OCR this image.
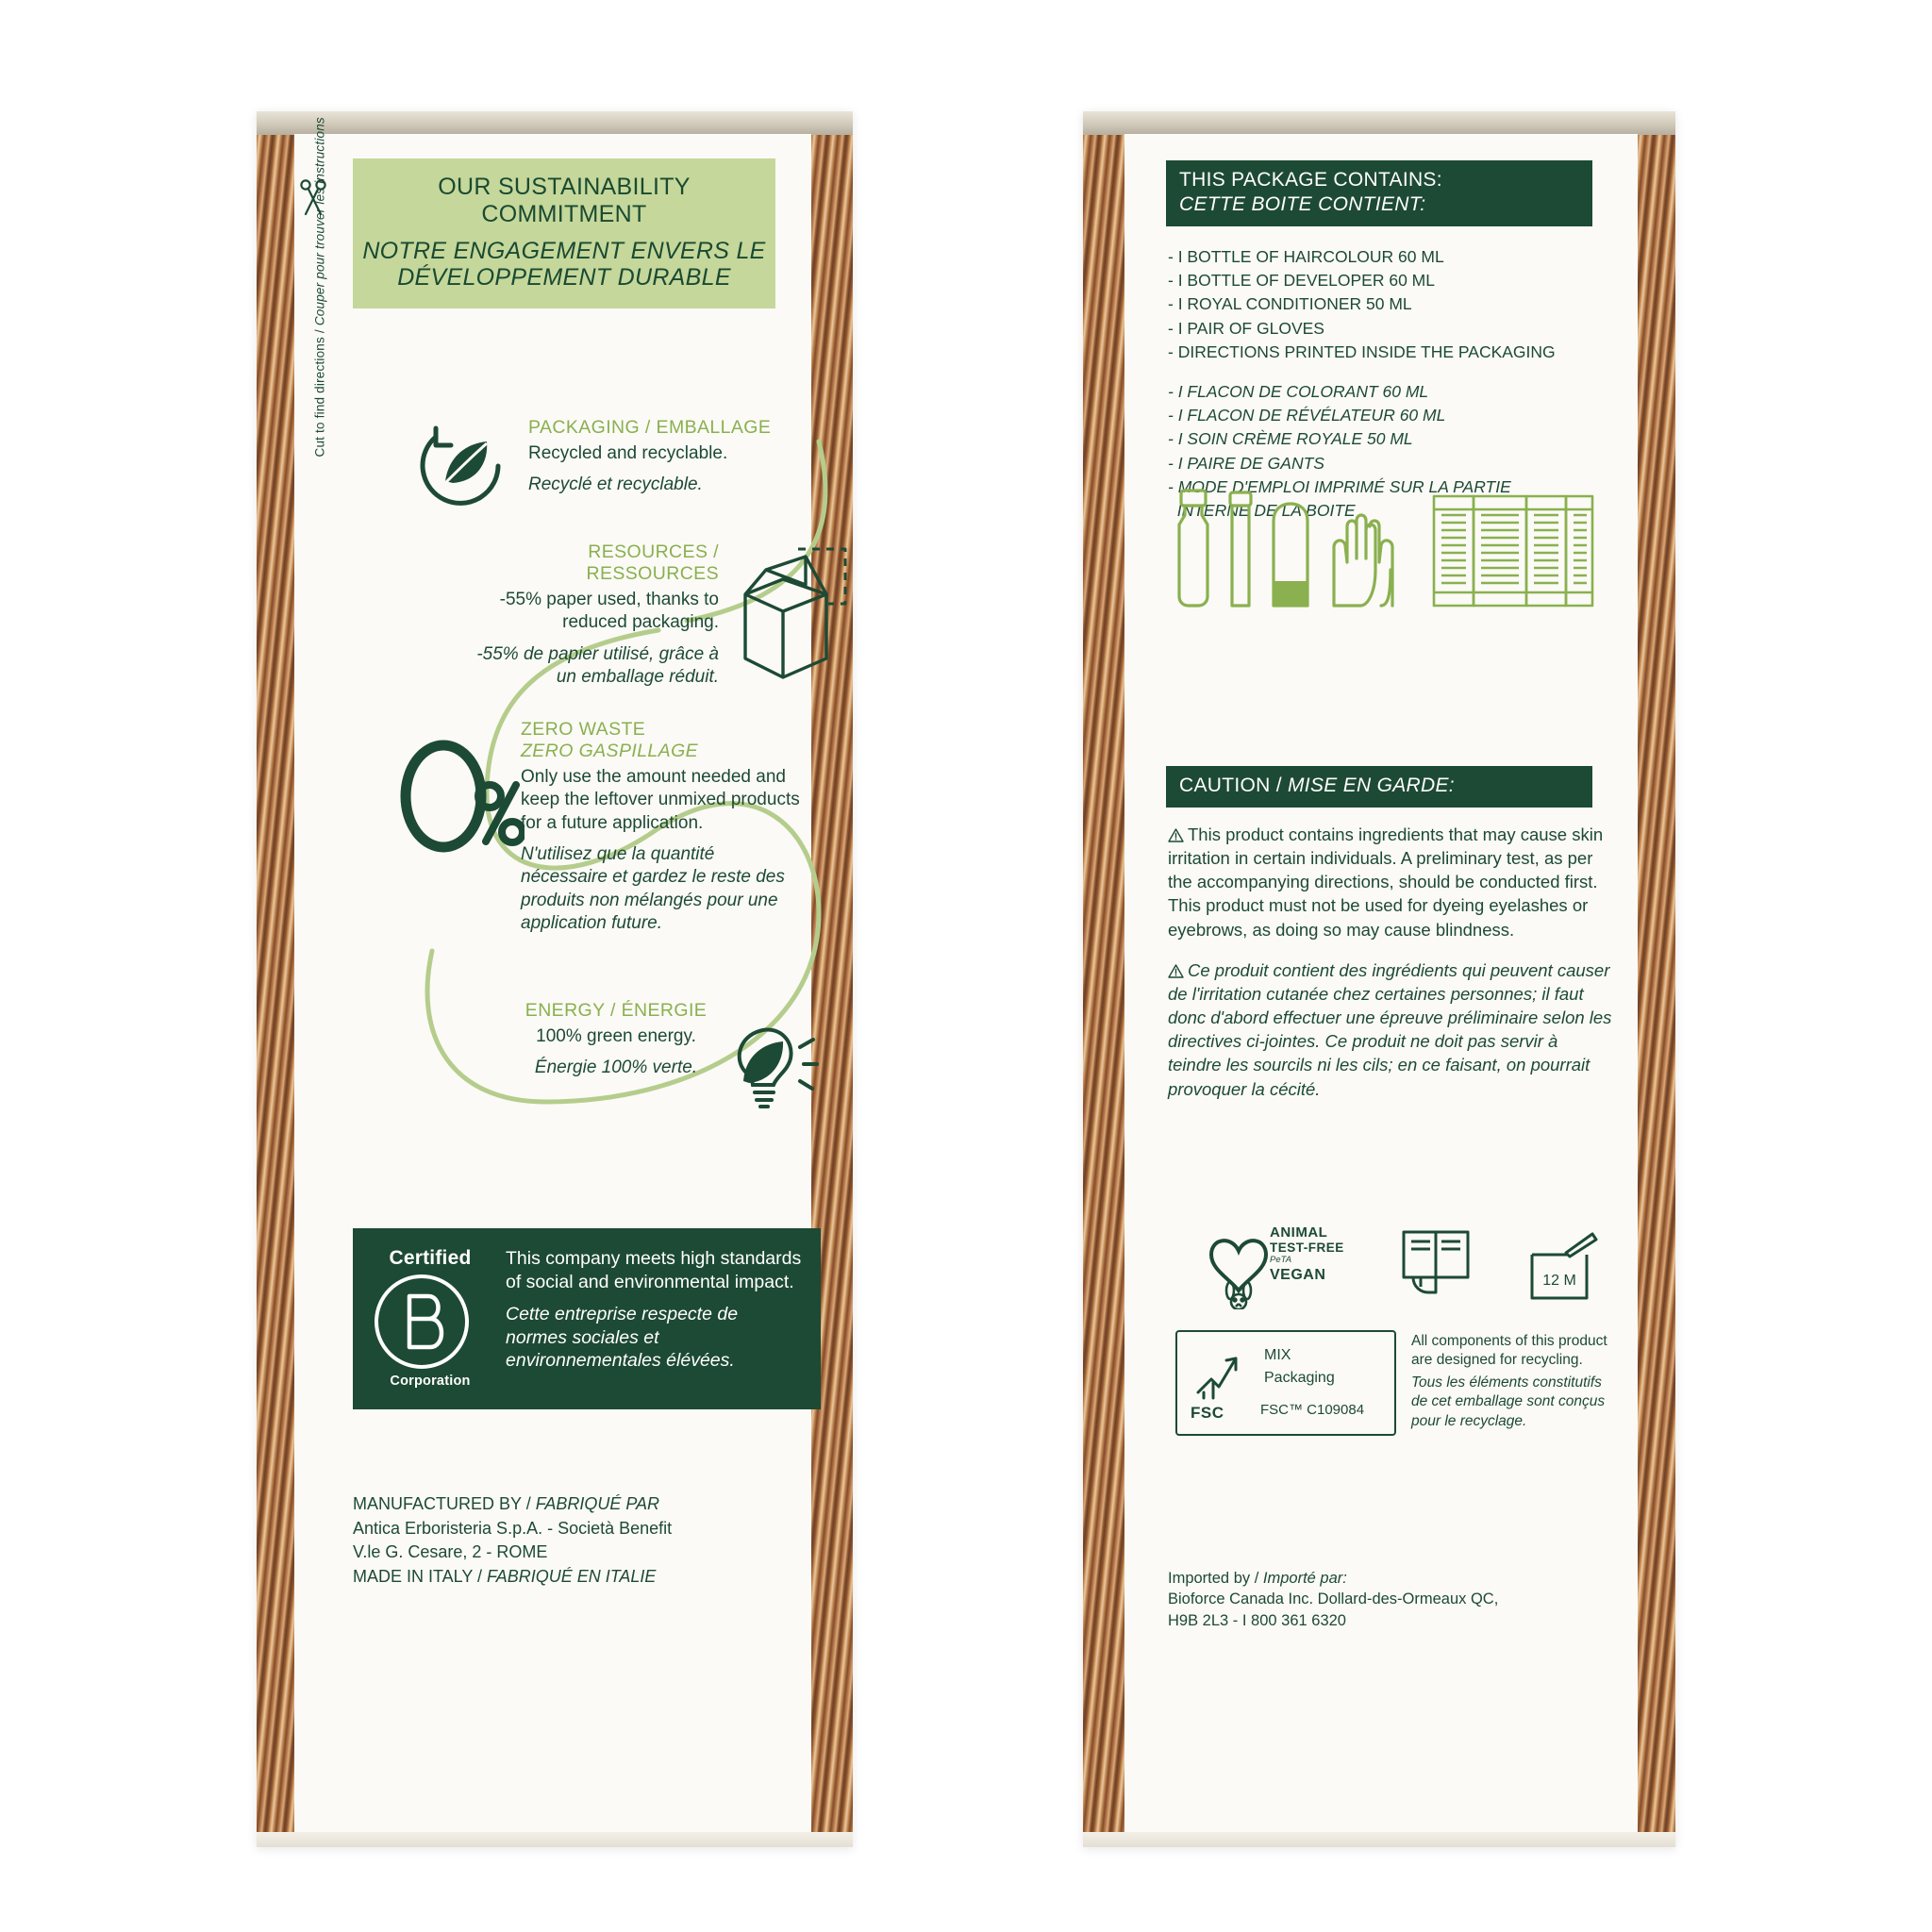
Cut to find directions / Couper pour trouver les instructions	OUR SUSTAINABILITY COMMITMENT
NOTRE ENGAGEMENT ENVERS LE DÉVELOPPEMENT DURABLE
PACKAGING / EMBALLAGE

Recycled and recyclable.

Recyclé et recyclable.

RESOURCES / RESSOURCES

-55% paper used, thanks to reduced packaging.

-55% de papier utilisé, grâce à un emballage réduit.

ZERO WASTE
ZERO GASPILLAGE

Only use the amount needed and keep the leftover unmixed products for a future application.

N'utilisez que la quantité nécessaire et gardez le reste des produits non mélangés pour une application future.

ENERGY / ÉNERGIE

100% green energy.

Énergie 100% verte.

Certified
Corporation
This company meets high standards of social and environmental impact.
Cette entreprise respecte de normes sociales et environnementales élévées.
MANUFACTURED BY / FABRIQUÉ PAR
Antica Erboristeria S.p.A. - Società Benefit
V.le G. Cesare, 2 - ROME
MADE IN ITALY / FABRIQUÉ EN ITALIE
THIS PACKAGE CONTAINS:
CETTE BOITE CONTIENT:
- I BOTTLE OF HAIRCOLOUR 60 ML
- I BOTTLE OF DEVELOPER 60 ML
- I ROYAL CONDITIONER 50 ML
- I PAIR OF GLOVES
- DIRECTIONS PRINTED INSIDE THE PACKAGING
- I FLACON DE COLORANT 60 ML
- I FLACON DE RÉVÉLATEUR 60 ML
- I SOIN CRÈME ROYALE 50 ML
- I PAIRE DE GANTS
- MODE D'EMPLOI IMPRIMÉ SUR LA PARTIE
INTERNE DE LA BOITE
CAUTION / MISE EN GARDE:

This product contains ingredients that may cause skin irritation in certain individuals. A preliminary test, as per the accompanying directions, should be conducted first. This product must not be used for dyeing eyelashes or eyebrows, as doing so may cause blindness.

Ce produit contient des ingrédients qui peuvent causer de l'irritation cutanée chez certaines personnes; il faut donc d'abord effectuer une épreuve préliminaire selon les directives ci-jointes. Ce produit ne doit pas servir à teindre les sourcils ni les cils; en ce faisant, on pourrait provoquer la cécité.

ANIMAL
TEST-FREE
PeTA
VEGAN	12 M
FSC
MIX
Packaging
FSC™ C109084
All components of this product are designed for recycling.
Tous les éléments constitutifs de cet emballage sont conçus pour le recyclage.
Imported by / Importé par:
Bioforce Canada Inc. Dollard-des-Ormeaux QC,
H9B 2L3 - I 800 361 6320
